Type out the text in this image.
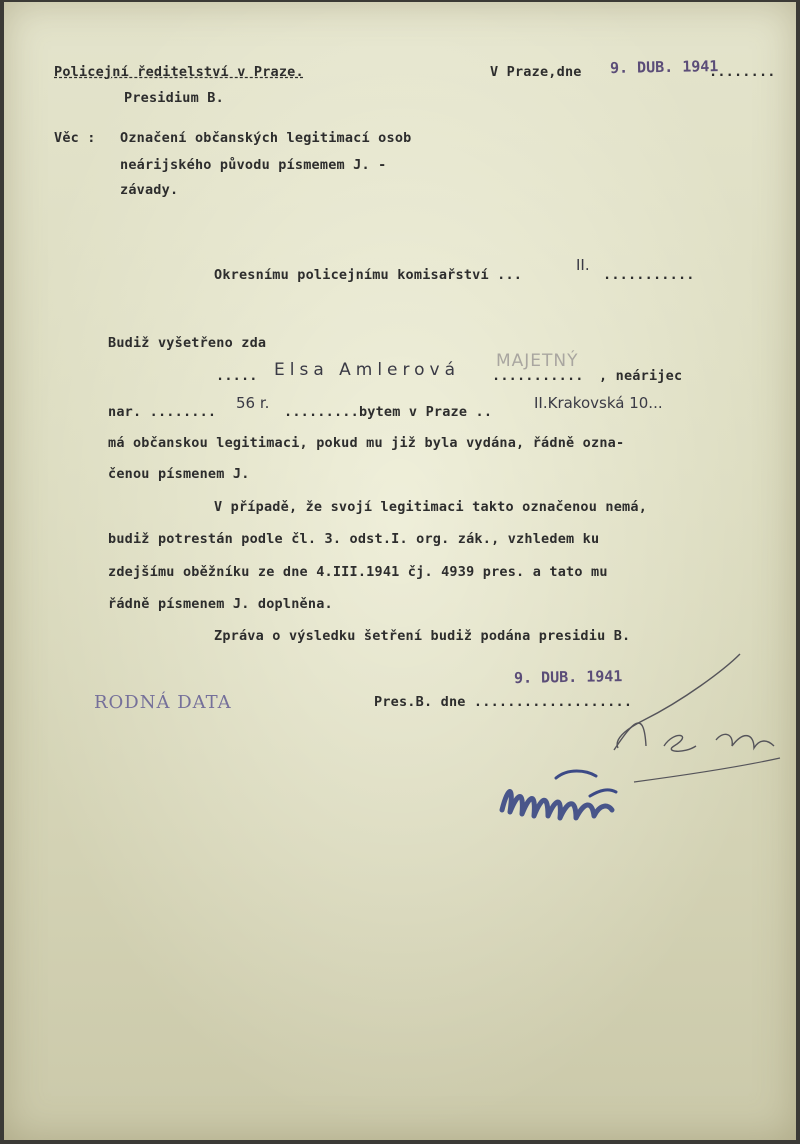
Policejní ředitelství v Praze.
Presidium B.
V Praze,dne	........
9. DUB. 1941
Věc : Označení občanských legitimací osob
neárijského původu písmemem J. -
závady.
Okresnímu policejnímu komisařství ...	...........
II.
Budiž vyšetřeno zda
..... Elsa Amlerová ........... , neárijec
MAJETNÝ
nar. ........ 56 r. .........bytem v Praze ..	II.Krakovská 10...
má občanskou legitimaci, pokud mu již byla vydána, řádně ozna-
čenou písmenem J.
V případě, že svojí legitimaci takto označenou nemá,
budiž potrestán podle čl. 3. odst.I. org. zák., vzhledem ku
zdejšímu oběžníku ze dne 4.III.1941 čj. 4939 pres. a tato mu
řádně písmenem J. doplněna.
Zpráva o výsledku šetření budiž podána presidiu B.
RODNÁ DATA	Pres.B. dne ...................
9. DUB. 1941
